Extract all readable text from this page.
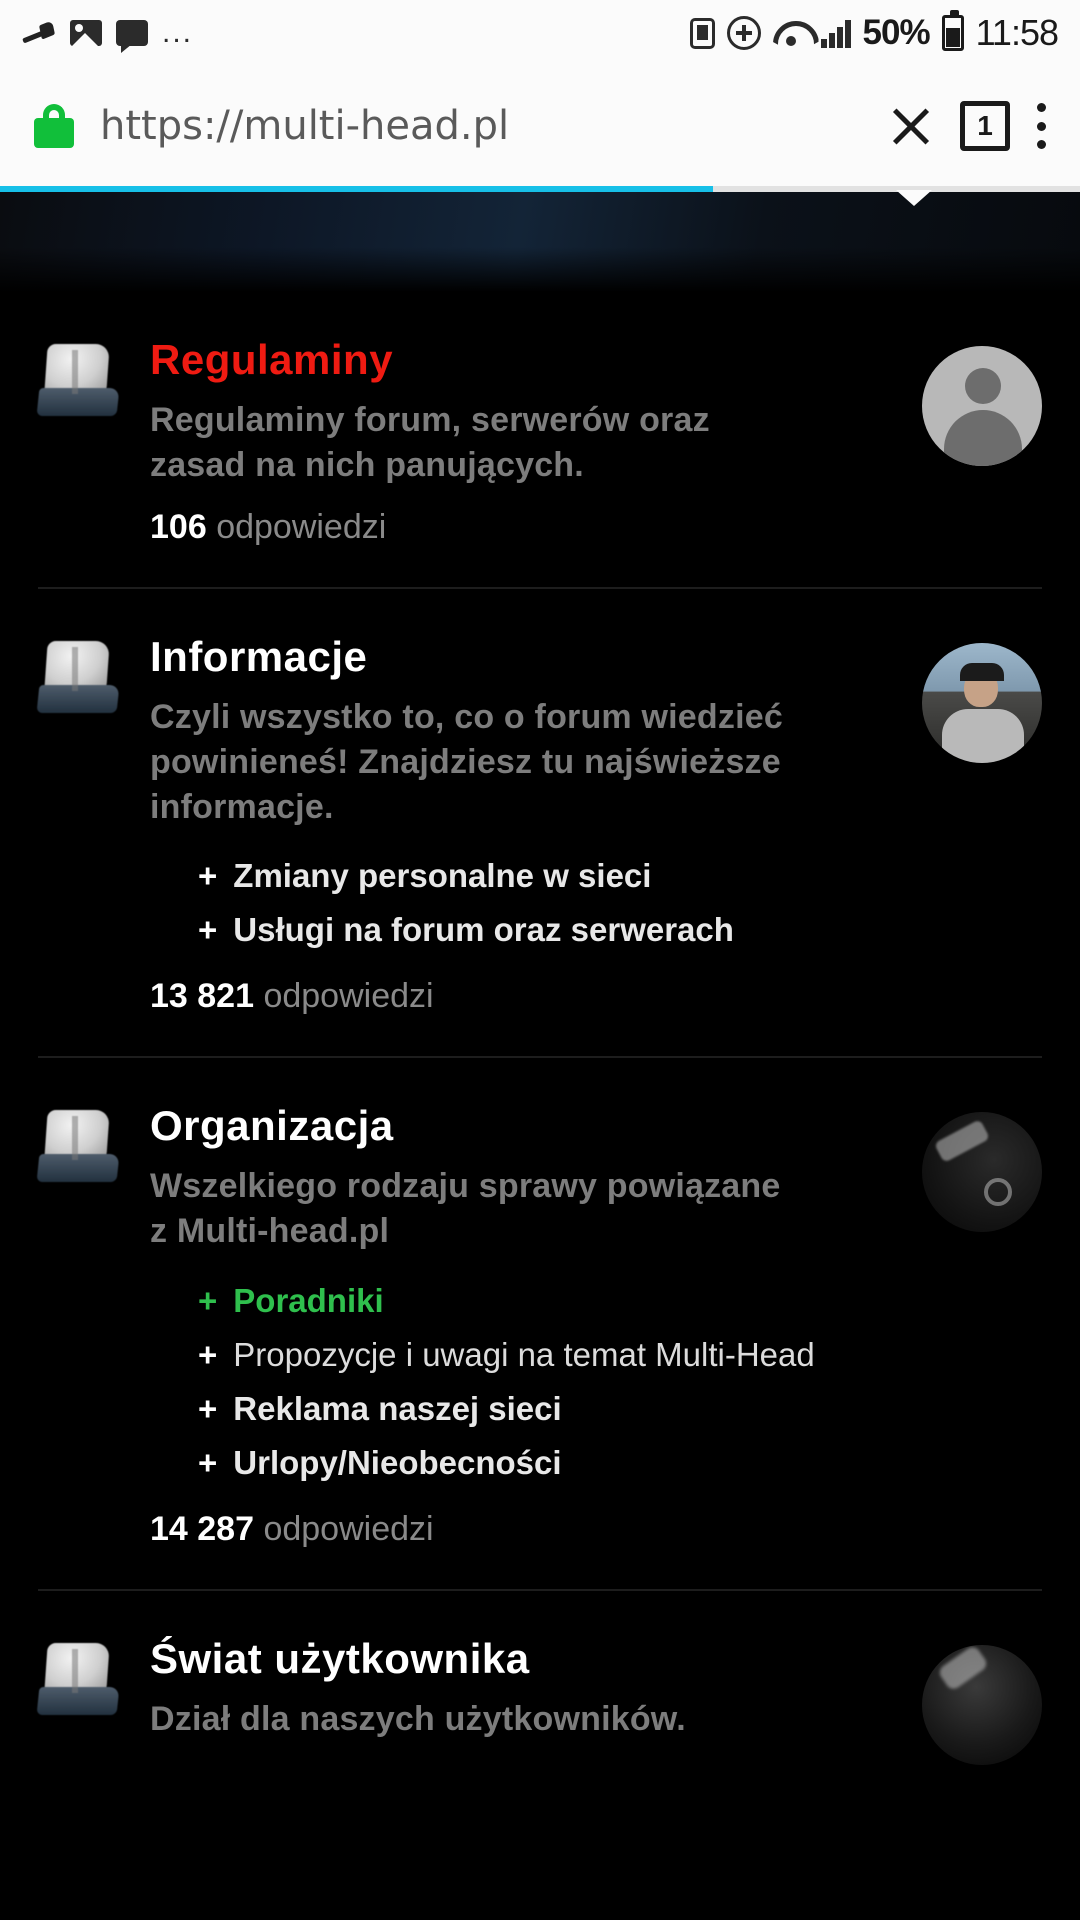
...	50% 11:58
https://multi-head.pl	1
Regulaminy
Regulaminy forum, serwerów oraz zasad na nich panujących.
106 odpowiedzi
Informacje
Czyli wszystko to, co o forum wiedzieć powinieneś! Znajdziesz tu najświeższe informacje.
+ Zmiany personalne w sieci
+ Usługi na forum oraz serwerach
13 821 odpowiedzi
Organizacja
Wszelkiego rodzaju sprawy powiązane z Multi-head.pl
+ Poradniki
+ Propozycje i uwagi na temat Multi-Head
+ Reklama naszej sieci
+ Urlopy/Nieobecności
14 287 odpowiedzi
Świat użytkownika
Dział dla naszych użytkowników.
